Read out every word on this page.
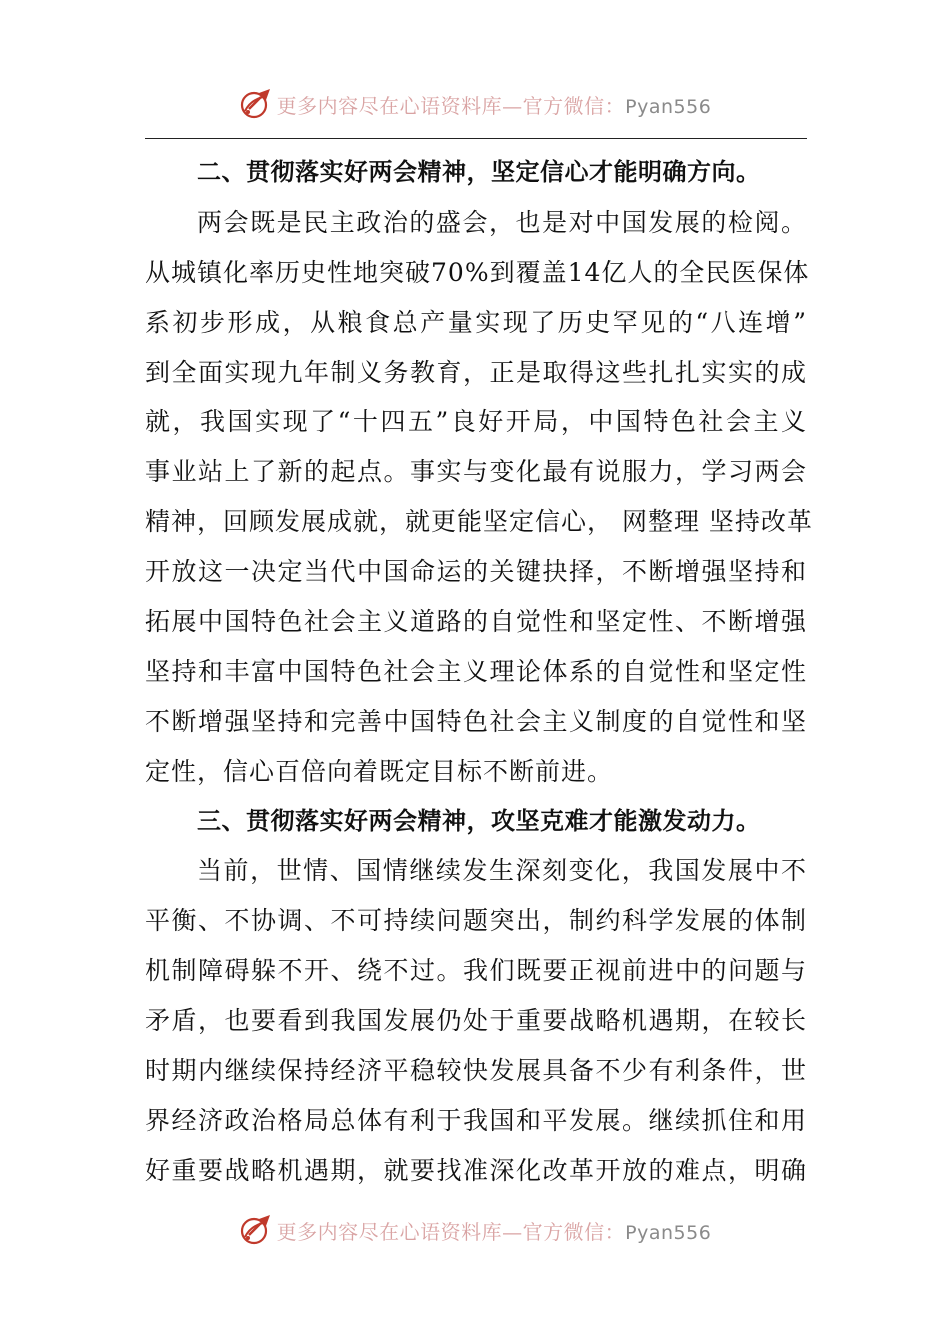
更多内容尽在心语资料库—官方微信：Pyan556
二、贯彻落实好两会精神，坚定信心才能明确方向。
两会既是民主政治的盛会，也是对中国发展的检阅。
从城镇化率历史性地突破70%到覆盖14亿人的全民医保体
系初步形成，从粮食总产量实现了历史罕见的“八连增”
到全面实现九年制义务教育，正是取得这些扎扎实实的成
就，我国实现了“十四五”良好开局，中国特色社会主义
事业站上了新的起点。事实与变化最有说服力，学习两会
精神，回顾发展成就，就更能坚定信心， 网整理 坚持改革
开放这一决定当代中国命运的关键抉择，不断增强坚持和
拓展中国特色社会主义道路的自觉性和坚定性、不断增强
坚持和丰富中国特色社会主义理论体系的自觉性和坚定性
不断增强坚持和完善中国特色社会主义制度的自觉性和坚
定性，信心百倍向着既定目标不断前进。
三、贯彻落实好两会精神，攻坚克难才能激发动力。
当前，世情、国情继续发生深刻变化，我国发展中不
平衡、不协调、不可持续问题突出，制约科学发展的体制
机制障碍躲不开、绕不过。我们既要正视前进中的问题与
矛盾，也要看到我国发展仍处于重要战略机遇期，在较长
时期内继续保持经济平稳较快发展具备不少有利条件，世
界经济政治格局总体有利于我国和平发展。继续抓住和用
好重要战略机遇期，就要找准深化改革开放的难点，明确
更多内容尽在心语资料库—官方微信：Pyan556
